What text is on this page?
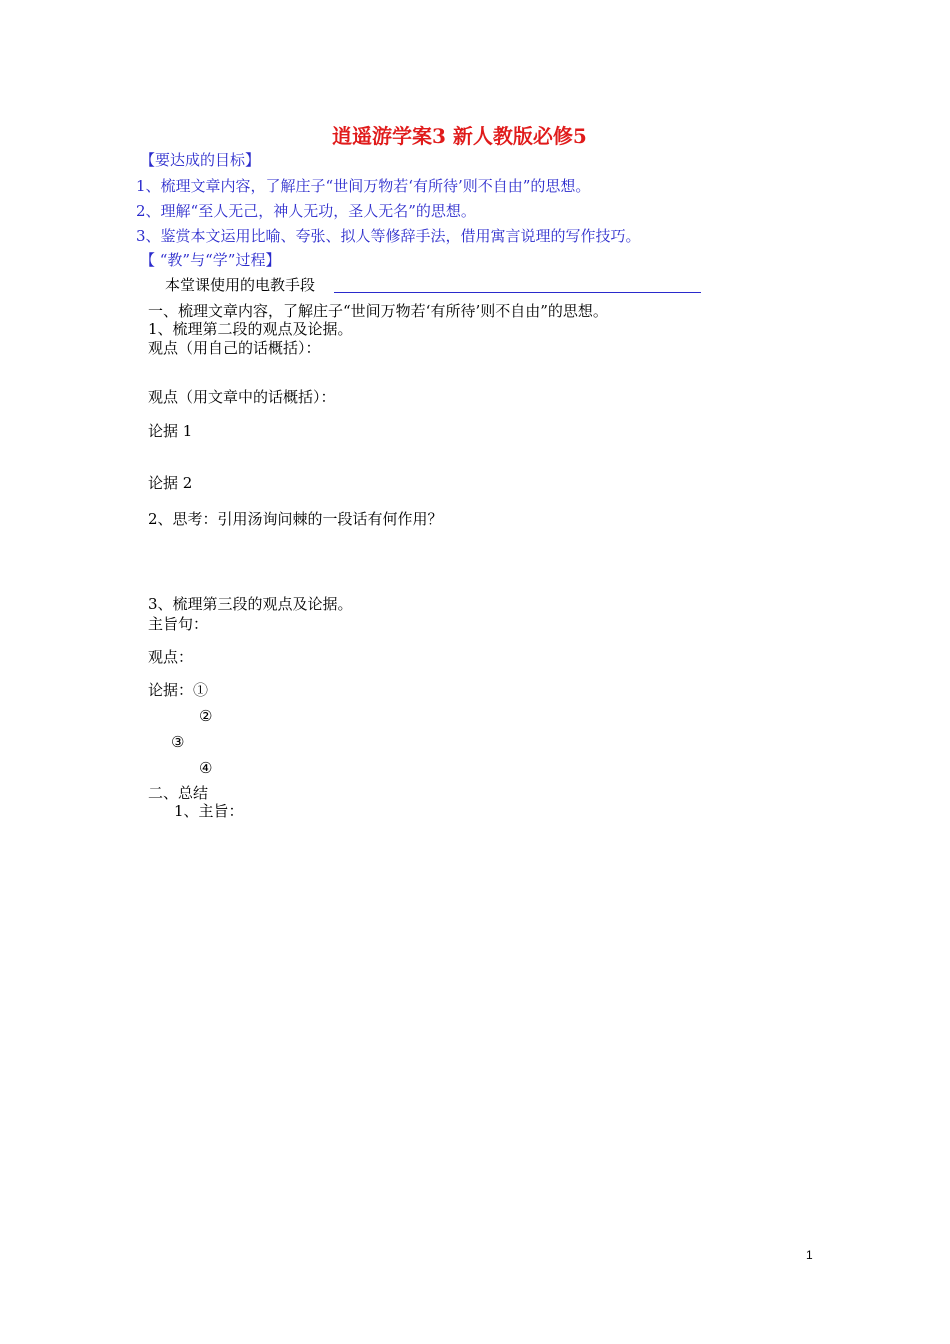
逍遥游学案3 新人教版必修5
【要达成的目标】
1、梳理文章内容，了解庄子“世间万物若‘有所待’则不自由”的思想。
2、理解“至人无己，神人无功，圣人无名”的思想。
3、鉴赏本文运用比喻、夸张、拟人等修辞手法，借用寓言说理的写作技巧。
【 “教”与“学”过程】
本堂课使用的电教手段
一、梳理文章内容，了解庄子“世间万物若‘有所待’则不自由”的思想。
1、梳理第二段的观点及论据。
观点（用自己的话概括）：
观点（用文章中的话概括）：
论据 1
论据 2
2、思考：引用汤询问棘的一段话有何作用？
3、梳理第三段的观点及论据。
主旨句：
观点：
论据：①
②
③
④
二、总结
1、主旨：
1
